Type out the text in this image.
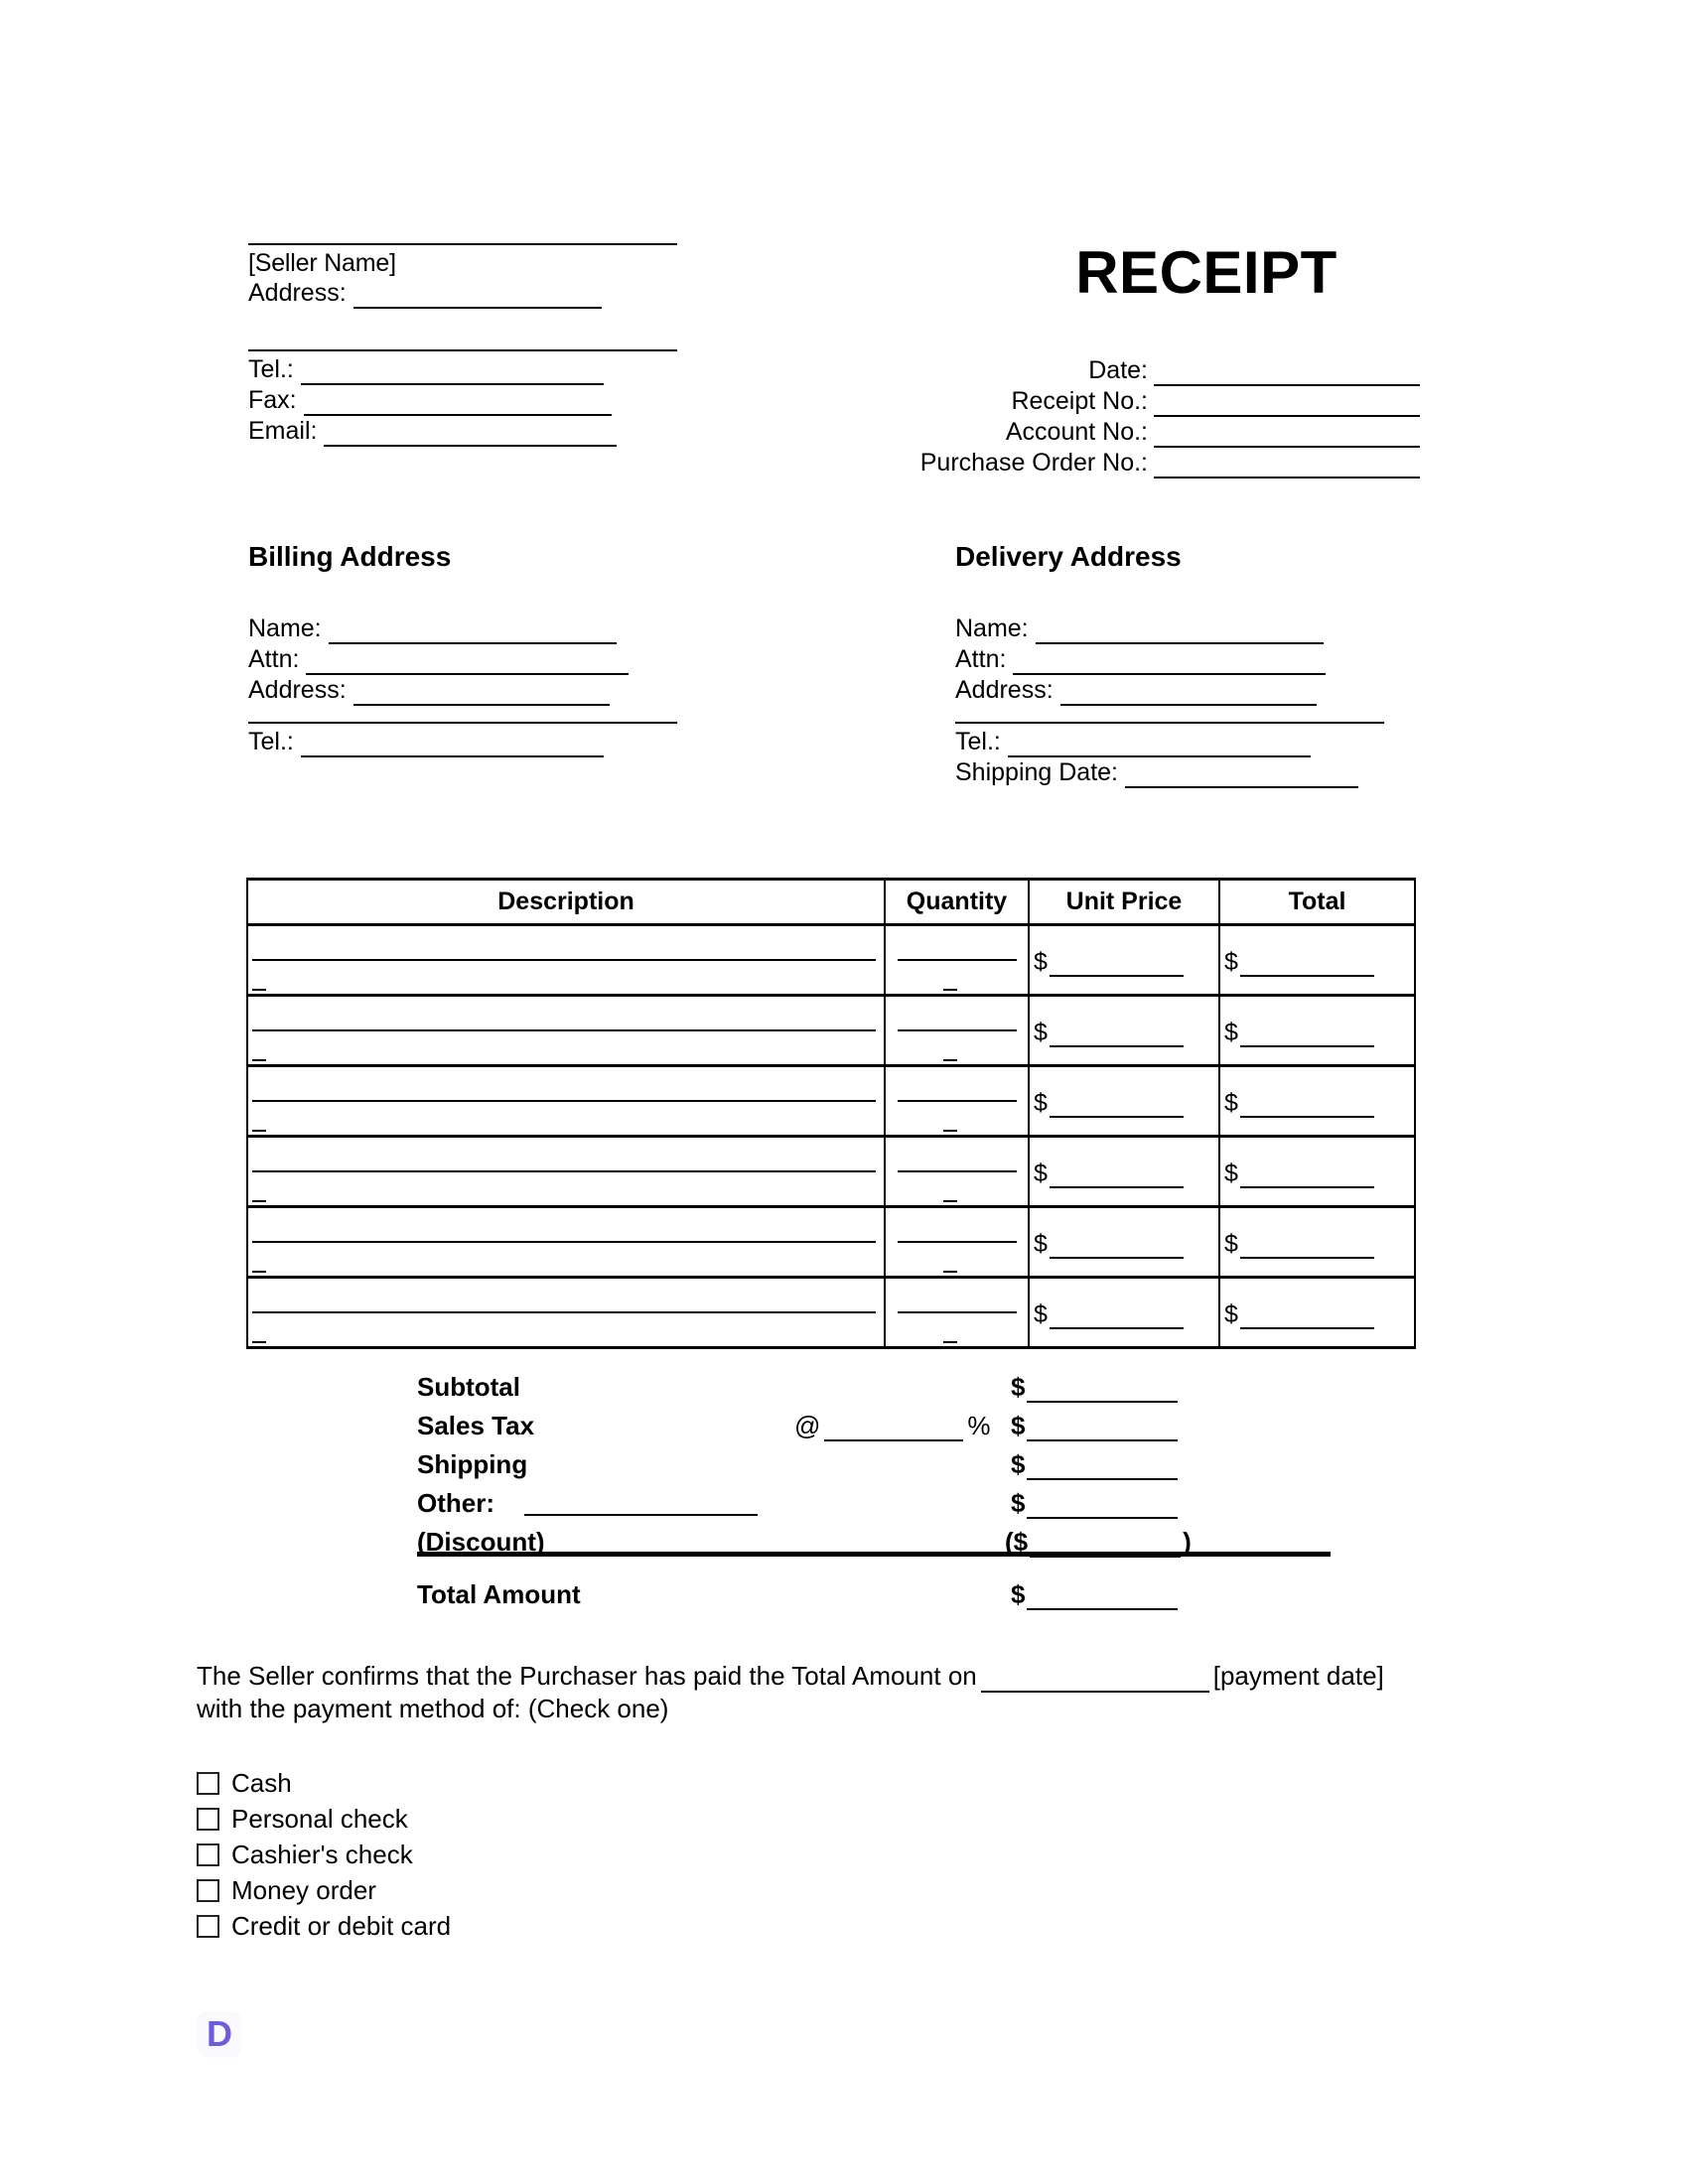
[Seller Name]
Address:
Tel.:
Fax:
Email:
RECEIPT
Date:
Receipt No.:
Account No.:
Purchase Order No.:
Billing Address
Name:
Attn:
Address:
Tel.:
Delivery Address
Name:
Attn:
Address:
Tel.:
Shipping Date:
Description	Quantity	Unit Price	Total

		$	$

		$	$

		$	$

		$	$

		$	$

		$	$
Subtotal	$
Sales Tax	@	% $
Shipping	$
Other:	$
(Discount)	($	)
Total Amount	$
The Seller confirms that the Purchaser has paid the Total Amount on	[payment date]
with the payment method of: (Check one)
Cash
Personal check
Cashier's check
Money order
Credit or debit card
D
